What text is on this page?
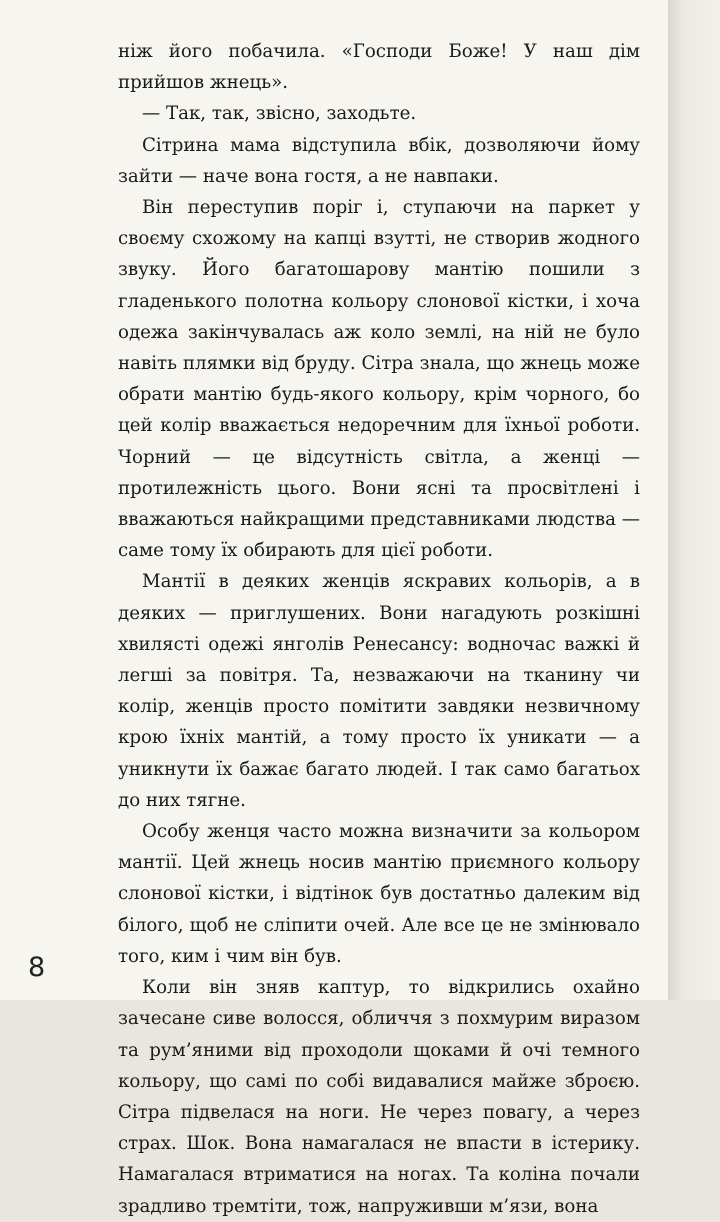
ніж його побачила. «Господи Боже! У наш дім прийшов жнець».

— Так, так, звісно, заходьте.

Сітрина мама відступила вбік, дозволяючи йому зайти — наче вона гостя, а не навпаки.

Він переступив поріг і, ступаючи на паркет у своєму схожому на капці взутті, не створив жодного звуку. Його багатошарову мантію пошили з гладенького полотна кольору слонової кістки, і хоча одежа закінчувалась аж коло землі, на ній не було навіть плямки від бруду. Сітра знала, що жнець може обрати мантію будь-якого кольору, крім чорного, бо цей колір вважається недоречним для їхньої роботи. Чорний — це відсутність світла, а женці — протилежність цього. Вони ясні та просвітлені і вважаються найкращими представниками людства — саме тому їх обирають для цієї роботи.

Мантії в деяких женців яскравих кольорів, а в деяких — приглушених. Вони нагадують розкішні хвилясті одежі янголів Ренесансу: водночас важкі й легші за повітря. Та, незважаючи на тканину чи колір, женців просто помітити завдяки незвичному крою їхніх мантій, а тому просто їх уникати — а уникнути їх бажає багато людей. І так само багатьох до них тягне.

Особу женця часто можна визначити за кольором мантії. Цей жнець носив мантію приємного кольору слонової кістки, і відтінок був достатньо далеким від білого, щоб не сліпити очей. Але все це не змінювало того, ким і чим він був.

Коли він зняв каптур, то відкрились охайно зачесане сиве волосся, обличчя з похмурим виразом та рум’яними від проходоли щоками й очі темного кольору, що самі по собі видавалися майже зброєю. Сітра підвелася на ноги. Не через повагу, а через страх. Шок. Вона намагалася не впасти в істерику. Намагалася втриматися на ногах. Та коліна почали зрадливо тремтіти, тож, напруживши м’язи, вона

8
